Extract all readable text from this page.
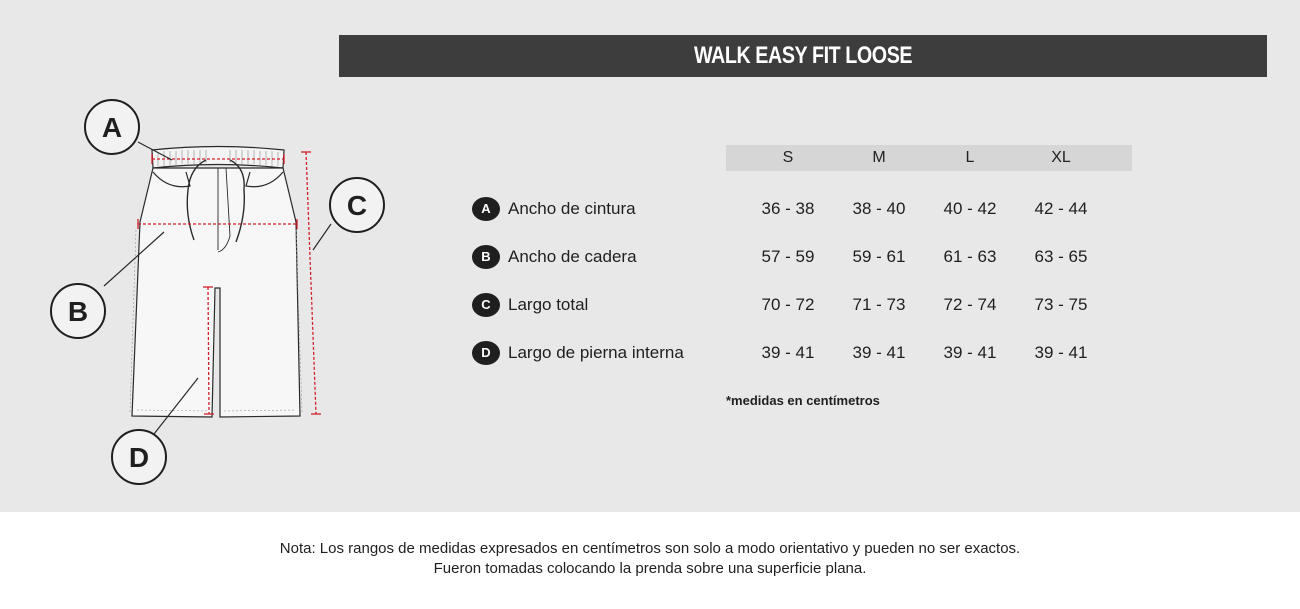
WALK EASY FIT LOOSE
A
B
C
D
S	M	L	XL
A	Ancho de cintura	36 - 38	38 - 40	40 - 42	42 - 44
B	Ancho de cadera	57 - 59	59 - 61	61 - 63	63 - 65
C	Largo total	70 - 72	71 - 73	72 - 74	73 - 75
D	Largo de pierna interna	39 - 41	39 - 41	39 - 41	39 - 41
*medidas en centímetros
Nota: Los rangos de medidas expresados en centímetros son solo a modo orientativo y pueden no ser exactos.
Fueron tomadas colocando la prenda sobre una superficie plana.
